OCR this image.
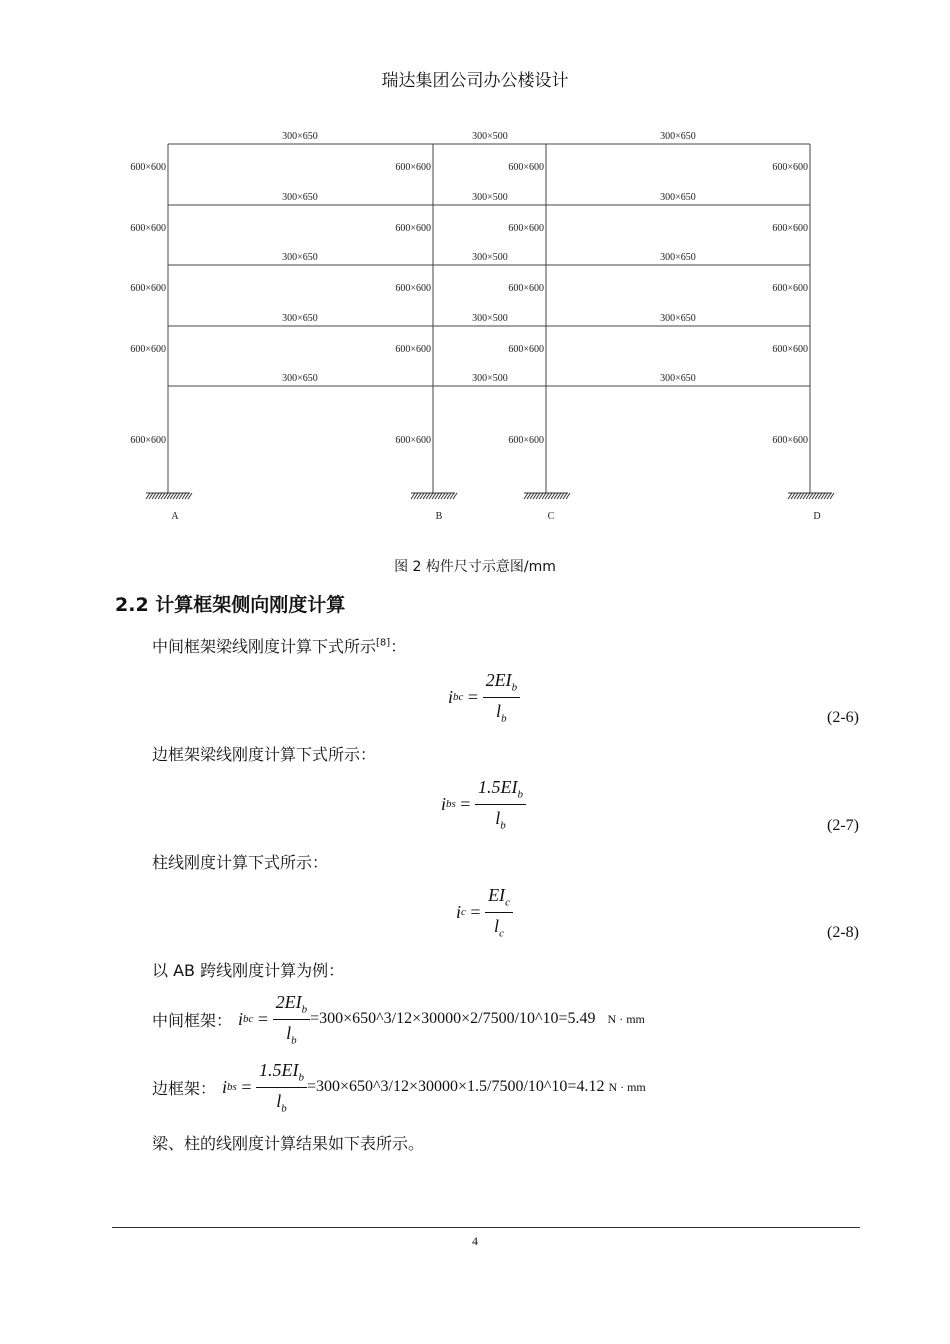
瑞达集团公司办公楼设计
300×650	300×500	300×650
300×650	300×500	300×650
300×650	300×500	300×650
300×650	300×500	300×650
300×650	300×500	300×650
600×600	600×600	600×600	600×600
600×600	600×600	600×600	600×600
600×600	600×600	600×600	600×600
600×600	600×600	600×600	600×600
600×600	600×600	600×600	600×600
A	B	C	D
图 2 构件尺寸示意图/mm
2.2 计算框架侧向刚度计算
中间框架梁线刚度计算下式所示[8]：
i bc = $\frac{2EI_b}{l_b}$	(2-6)
边框架梁线刚度计算下式所示：
i bs = $\frac{1.5EI_b}{l_b}$	(2-7)
柱线刚度计算下式所示：
i $c = \frac{EI_c}{l_c}$	(2-8)
以 AB 跨线刚度计算为例：
中间框架： i bc = $\frac{2EI_b}{l_b}$ =300×650^3/12×30000×2/7500/10^10=5.49 N · mm
边框架： i bs = $\frac{1.5EI_b}{l_b}$ =300×650^3/12×30000×1.5/7500/10^10=4.12 N · mm
梁、柱的线刚度计算结果如下表所示。
4
